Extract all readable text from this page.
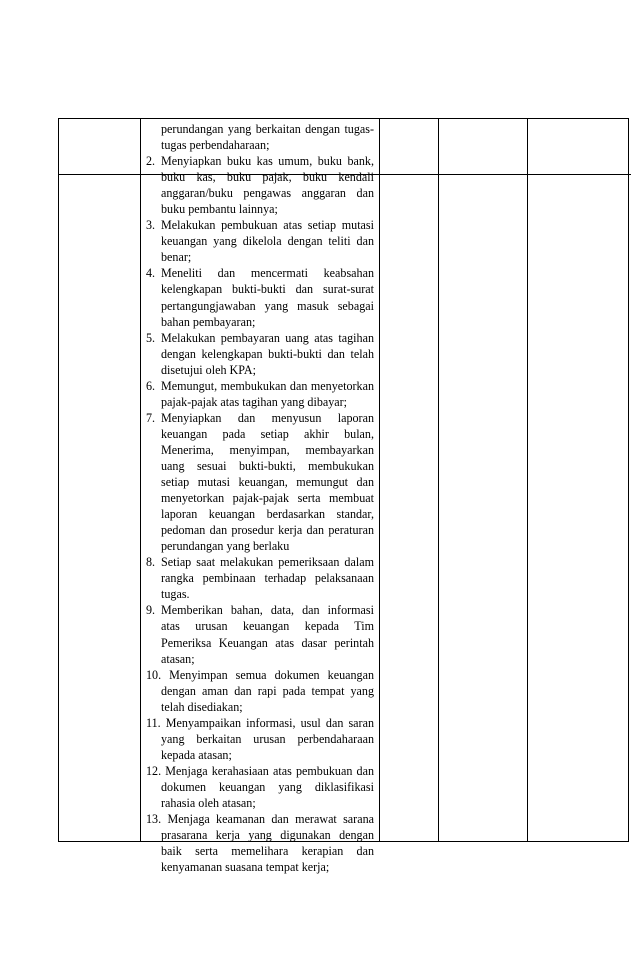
perundangan yang berkaitan dengan tugas-tugas perbendaharaan;
2. Menyiapkan buku kas umum, buku bank, buku kas, buku pajak, buku kendali anggaran/buku pengawas anggaran dan buku pembantu lainnya;
3. Melakukan pembukuan atas setiap mutasi keuangan yang dikelola dengan teliti dan benar;
4. Meneliti dan mencermati keabsahan kelengkapan bukti-bukti dan surat-surat pertangungjawaban yang masuk sebagai bahan pembayaran;
5. Melakukan pembayaran uang atas tagihan dengan kelengkapan bukti-bukti dan telah disetujui oleh KPA;
6. Memungut, membukukan dan menyetorkan pajak-pajak atas tagihan yang dibayar;
7. Menyiapkan dan menyusun laporan keuangan pada setiap akhir bulan, Menerima, menyimpan, membayarkan uang sesuai bukti-bukti, membukukan setiap mutasi keuangan, memungut dan menyetorkan pajak-pajak serta membuat laporan keuangan berdasarkan standar, pedoman dan prosedur kerja dan peraturan perundangan yang berlaku
8. Setiap saat melakukan pemeriksaan dalam rangka pembinaan terhadap pelaksanaan tugas.
9. Memberikan bahan, data, dan informasi atas urusan keuangan kepada Tim Pemeriksa Keuangan atas dasar perintah atasan;
10. Menyimpan semua dokumen keuangan dengan aman dan rapi pada tempat yang telah disediakan;
11. Menyampaikan informasi, usul dan saran yang berkaitan urusan perbendaharaan kepada atasan;
12. Menjaga kerahasiaan atas pembukuan dan dokumen keuangan yang diklasifikasi rahasia oleh atasan;
13. Menjaga keamanan dan merawat sarana prasarana kerja yang digunakan dengan baik serta memelihara kerapian dan kenyamanan suasana tempat kerja;
